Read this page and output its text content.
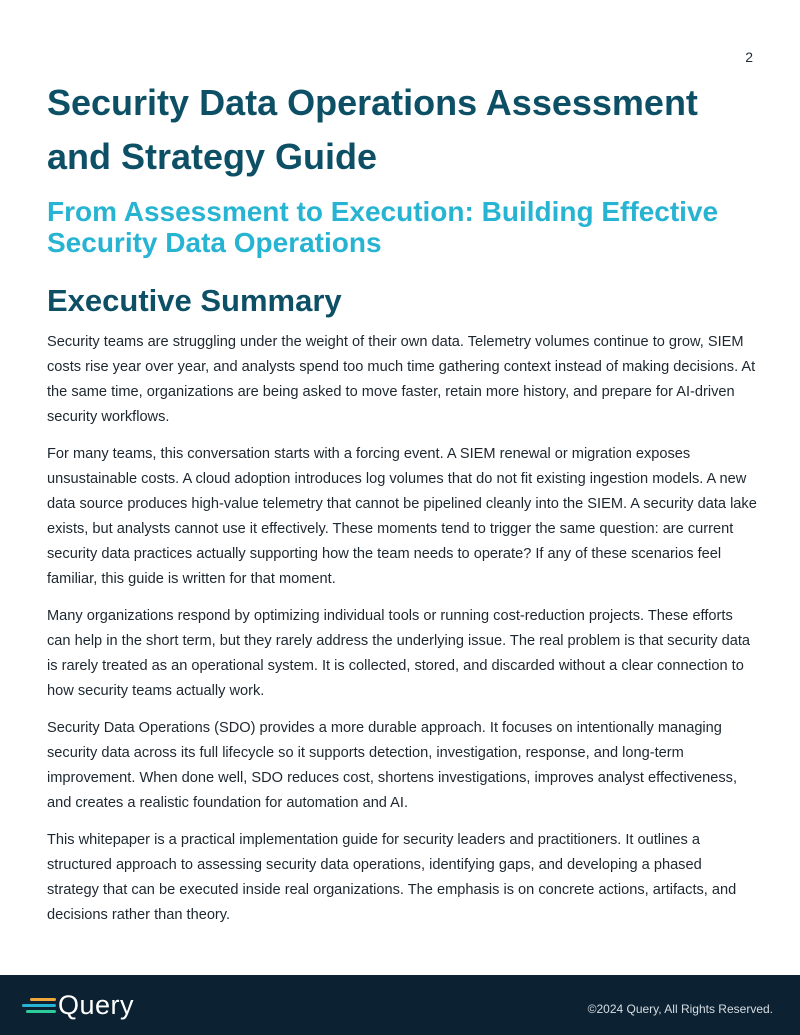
2
Security Data Operations Assessment and Strategy Guide
From Assessment to Execution: Building Effective Security Data Operations
Executive Summary

Security teams are struggling under the weight of their own data. Telemetry volumes continue to grow, SIEM costs rise year over year, and analysts spend too much time gathering context instead of making decisions. At the same time, organizations are being asked to move faster, retain more history, and prepare for AI-driven security workflows.

For many teams, this conversation starts with a forcing event. A SIEM renewal or migration exposes unsustainable costs. A cloud adoption introduces log volumes that do not fit existing ingestion models. A new data source produces high-value telemetry that cannot be pipelined cleanly into the SIEM. A security data lake exists, but analysts cannot use it effectively. These moments tend to trigger the same question: are current security data practices actually supporting how the team needs to operate? If any of these scenarios feel familiar, this guide is written for that moment.

Many organizations respond by optimizing individual tools or running cost-reduction projects. These efforts can help in the short term, but they rarely address the underlying issue. The real problem is that security data is rarely treated as an operational system. It is collected, stored, and discarded without a clear connection to how security teams actually work.

Security Data Operations (SDO) provides a more durable approach. It focuses on intentionally managing security data across its full lifecycle so it supports detection, investigation, response, and long-term improvement. When done well, SDO reduces cost, shortens investigations, improves analyst effectiveness, and creates a realistic foundation for automation and AI.

This whitepaper is a practical implementation guide for security leaders and practitioners. It outlines a structured approach to assessing security data operations, identifying gaps, and developing a phased strategy that can be executed inside real organizations. The emphasis is on concrete actions, artifacts, and decisions rather than theory.

Query	©2024 Query, All Rights Reserved.
